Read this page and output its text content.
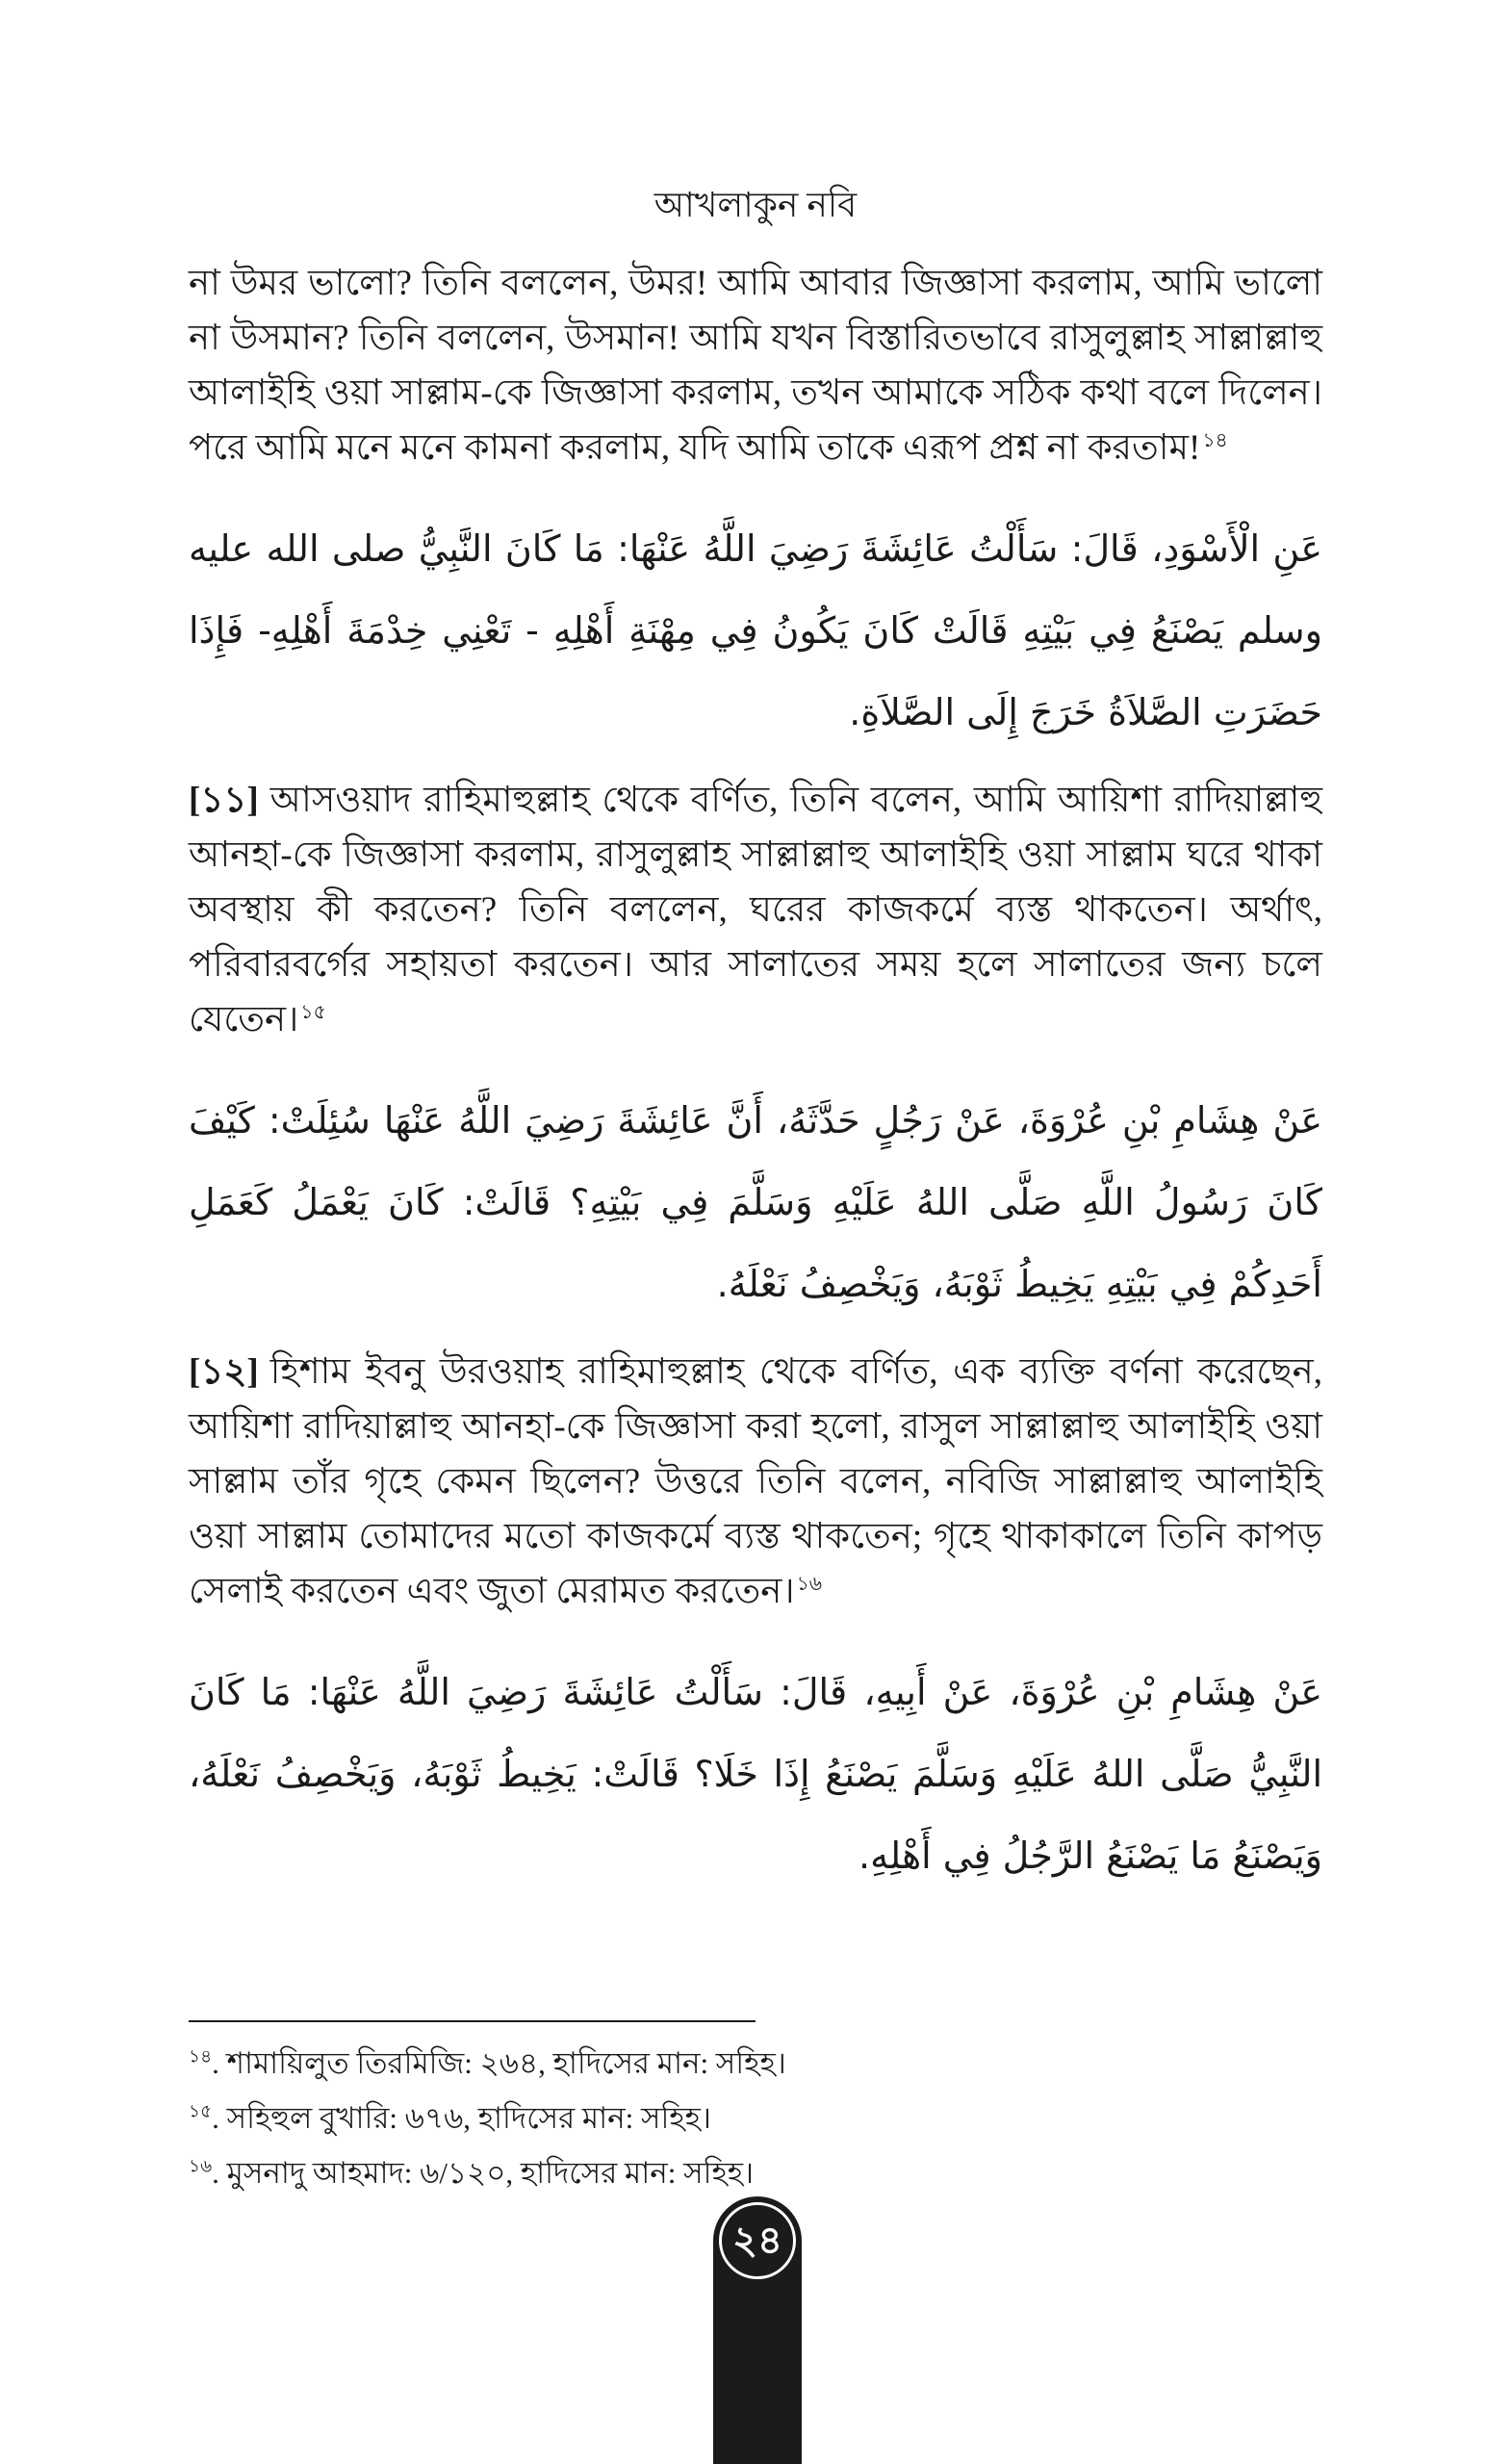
আখলাকুন নবি

না উমর ভালো? তিনি বললেন, উমর! আমি আবার জিজ্ঞাসা করলাম, আমি ভালো না উসমান? তিনি বললেন, উসমান! আমি যখন বিস্তারিতভাবে রাসুলুল্লাহ সাল্লাল্লাহু আলাইহি ওয়া সাল্লাম-কে জিজ্ঞাসা করলাম, তখন আমাকে সঠিক কথা বলে দিলেন। পরে আমি মনে মনে কামনা করলাম, যদি আমি তাকে এরূপ প্রশ্ন না করতাম!$^{১৪}$

عَنِ الْأَسْوَدِ، قَالَ: سَأَلْتُ عَائِشَةَ رَضِيَ اللَّهُ عَنْهَا: مَا كَانَ النَّبِيُّ صلى الله عليه وسلم يَصْنَعُ فِي بَيْتِهِ قَالَتْ كَانَ يَكُونُ فِي مِهْنَةِ أَهْلِهِ - تَعْنِي خِدْمَةَ أَهْلِهِ- فَإِذَا حَضَرَتِ الصَّلاَةُ خَرَجَ إِلَى الصَّلاَةِ.

[১১] আসওয়াদ রাহিমাহুল্লাহ থেকে বর্ণিত, তিনি বলেন, আমি আয়িশা রাদিয়াল্লাহু আনহা-কে জিজ্ঞাসা করলাম, রাসুলুল্লাহ সাল্লাল্লাহু আলাইহি ওয়া সাল্লাম ঘরে থাকা অবস্থায় কী করতেন? তিনি বললেন, ঘরের কাজকর্মে ব্যস্ত থাকতেন। অর্থাৎ, পরিবারবর্গের সহায়তা করতেন। আর সালাতের সময় হলে সালাতের জন্য চলে যেতেন।$^{১৫}$

عَنْ هِشَامِ بْنِ عُرْوَةَ، عَنْ رَجُلٍ حَدَّثَهُ، أَنَّ عَائِشَةَ رَضِيَ اللَّهُ عَنْهَا سُئِلَتْ: كَيْفَ كَانَ رَسُولُ اللَّهِ صَلَّى اللهُ عَلَيْهِ وَسَلَّمَ فِي بَيْتِهِ؟ قَالَتْ: كَانَ يَعْمَلُ كَعَمَلِ أَحَدِكُمْ فِي بَيْتِهِ يَخِيطُ ثَوْبَهُ، وَيَخْصِفُ نَعْلَهُ.

[১২] হিশাম ইবনু উরওয়াহ রাহিমাহুল্লাহ থেকে বর্ণিত, এক ব্যক্তি বর্ণনা করেছেন, আয়িশা রাদিয়াল্লাহু আনহা-কে জিজ্ঞাসা করা হলো, রাসুল সাল্লাল্লাহু আলাইহি ওয়া সাল্লাম তাঁর গৃহে কেমন ছিলেন? উত্তরে তিনি বলেন, নবিজি সাল্লাল্লাহু আলাইহি ওয়া সাল্লাম তোমাদের মতো কাজকর্মে ব্যস্ত থাকতেন; গৃহে থাকাকালে তিনি কাপড় সেলাই করতেন এবং জুতা মেরামত করতেন।$^{১৬}$

عَنْ هِشَامِ بْنِ عُرْوَةَ، عَنْ أَبِيهِ، قَالَ: سَأَلْتُ عَائِشَةَ رَضِيَ اللَّهُ عَنْهَا: مَا كَانَ النَّبِيُّ صَلَّى اللهُ عَلَيْهِ وَسَلَّمَ يَصْنَعُ إِذَا خَلَا؟ قَالَتْ: يَخِيطُ ثَوْبَهُ، وَيَخْصِفُ نَعْلَهُ، وَيَصْنَعُ مَا يَصْنَعُ الرَّجُلُ فِي أَهْلِهِ.

$^{১৪}$. শামায়িলুত তিরমিজি: ২৬৪, হাদিসের মান: সহিহ।

$^{১৫}$. সহিহুল বুখারি: ৬৭৬, হাদিসের মান: সহিহ।

$^{১৬}$. মুসনাদু আহমাদ: ৬/১২০, হাদিসের মান: সহিহ।

২৪
